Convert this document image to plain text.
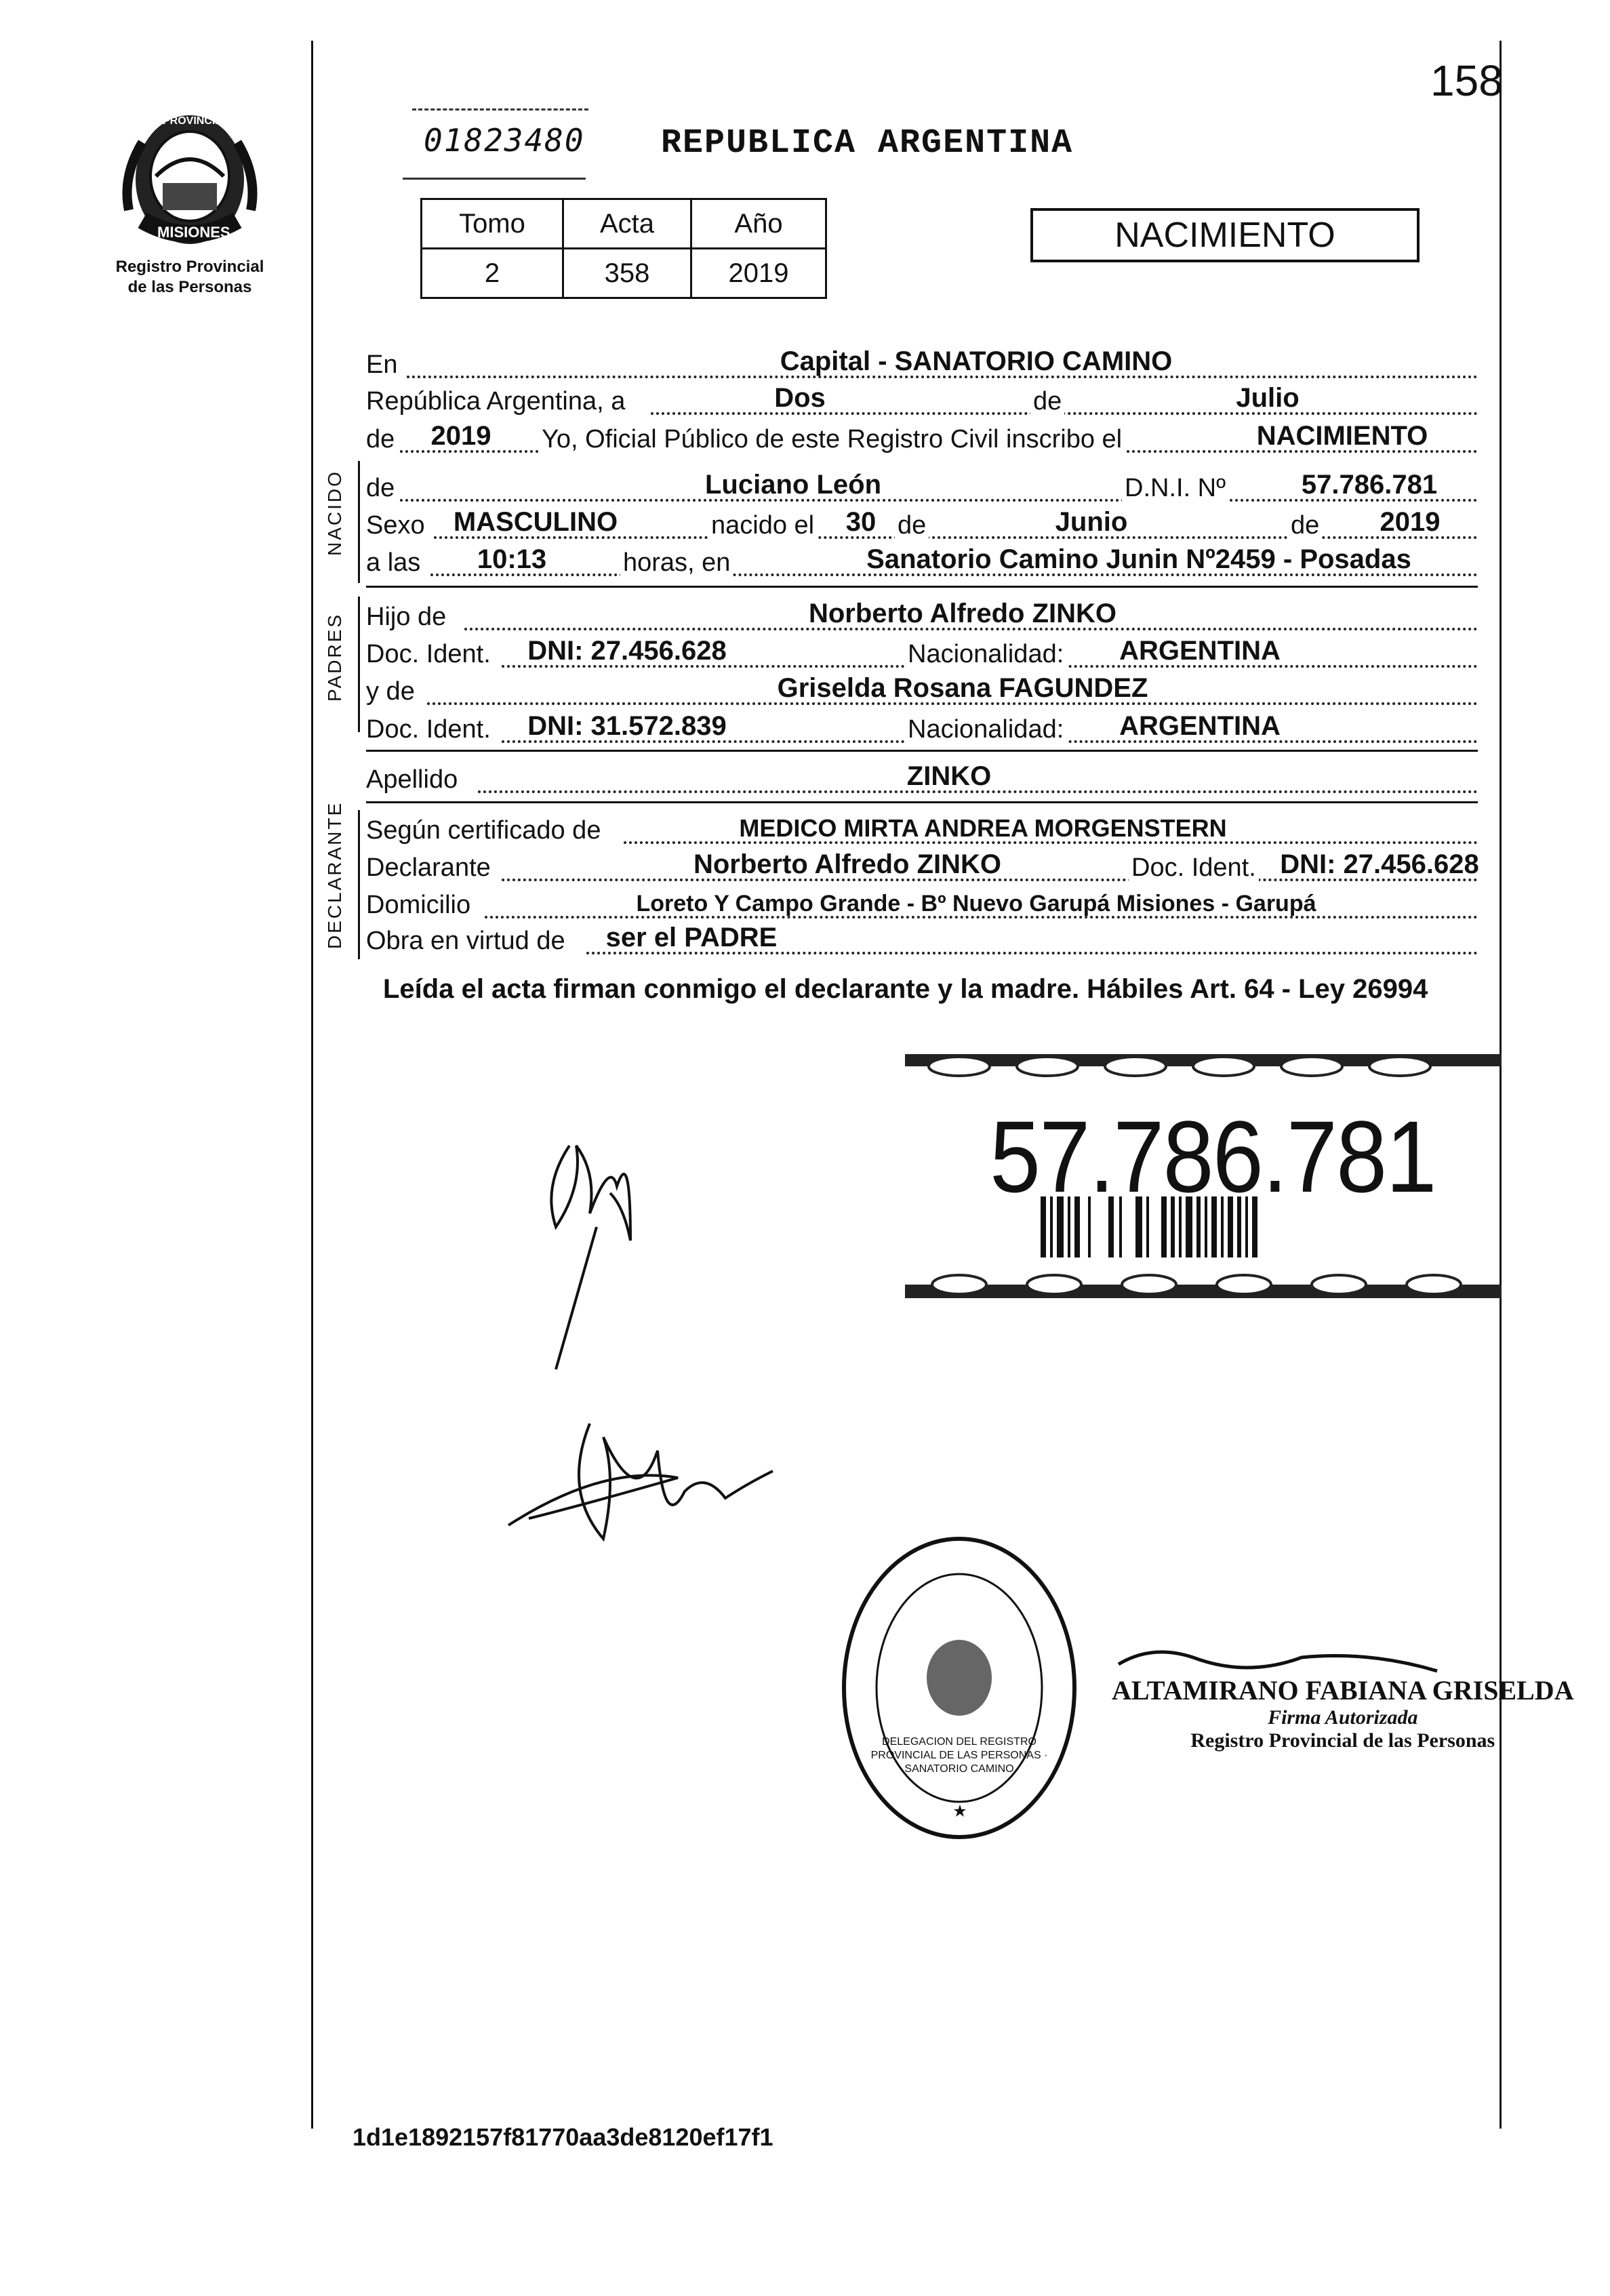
158
PROVINCIA DE
MISIONES
Registro Provincial
de las Personas
01823480 REPUBLICA ARGENTINA
Tomo	Acta	Año
2	358	2019
NACIMIENTO
NACIDO
PADRES
DECLARANTE
En	Capital - SANATORIO CAMINO
República Argentina, a	Dos	de	Julio
de	2019	Yo, Oficial Público de este Registro Civil inscribo el	NACIMIENTO
de	Luciano León	D.N.I. Nº	57.786.781
Sexo	MASCULINO	nacido el	30 de	Junio	de	2019
a las	10:13	horas, en	Sanatorio Camino Junin Nº2459 - Posadas
Hijo de	Norberto Alfredo ZINKO
Doc. Ident.	DNI: 27.456.628	Nacionalidad:	ARGENTINA
y de	Griselda Rosana FAGUNDEZ
Doc. Ident.	DNI: 31.572.839	Nacionalidad:	ARGENTINA
Apellido	ZINKO
Según certificado de	MEDICO MIRTA ANDREA MORGENSTERN
Declarante	Norberto Alfredo ZINKO	Doc. Ident. DNI: 27.456.628
Domicilio	Loreto Y Campo Grande - Bº Nuevo Garupá Misiones - Garupá
Obra en virtud de	ser el PADRE
Leída el acta firman conmigo el declarante y la madre. Hábiles Art. 64 - Ley 26994
57.786.781
DELEGACION DEL REGISTRO PROVINCIAL DE LAS PERSONAS · SANATORIO CAMINO
ALTAMIRANO FABIANA GRISELDA
Firma Autorizada
Registro Provincial de las Personas
1d1e1892157f81770aa3de8120ef17f1
